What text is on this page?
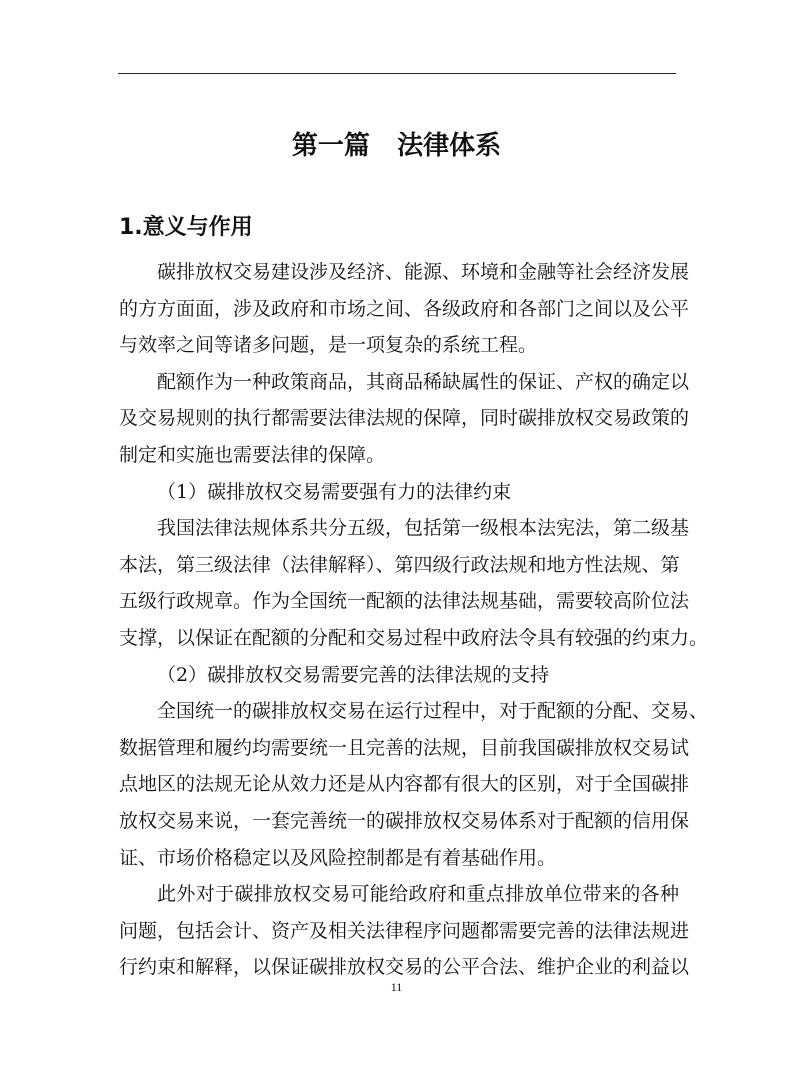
第一篇   法律体系
1.意义与作用
碳排放权交易建设涉及经济、能源、环境和金融等社会经济发展
的方方面面，涉及政府和市场之间、各级政府和各部门之间以及公平
与效率之间等诸多问题，是一项复杂的系统工程。
配额作为一种政策商品，其商品稀缺属性的保证、产权的确定以
及交易规则的执行都需要法律法规的保障，同时碳排放权交易政策的
制定和实施也需要法律的保障。
（1）碳排放权交易需要强有力的法律约束
我国法律法规体系共分五级，包括第一级根本法宪法，第二级基
本法，第三级法律（法律解释）、第四级行政法规和地方性法规、第
五级行政规章。作为全国统一配额的法律法规基础，需要较高阶位法
支撑，以保证在配额的分配和交易过程中政府法令具有较强的约束力。
（2）碳排放权交易需要完善的法律法规的支持
全国统一的碳排放权交易在运行过程中，对于配额的分配、交易、
数据管理和履约均需要统一且完善的法规，目前我国碳排放权交易试
点地区的法规无论从效力还是从内容都有很大的区别，对于全国碳排
放权交易来说，一套完善统一的碳排放权交易体系对于配额的信用保
证、市场价格稳定以及风险控制都是有着基础作用。
此外对于碳排放权交易可能给政府和重点排放单位带来的各种
问题，包括会计、资产及相关法律程序问题都需要完善的法律法规进
行约束和解释，以保证碳排放权交易的公平合法、维护企业的利益以
11
